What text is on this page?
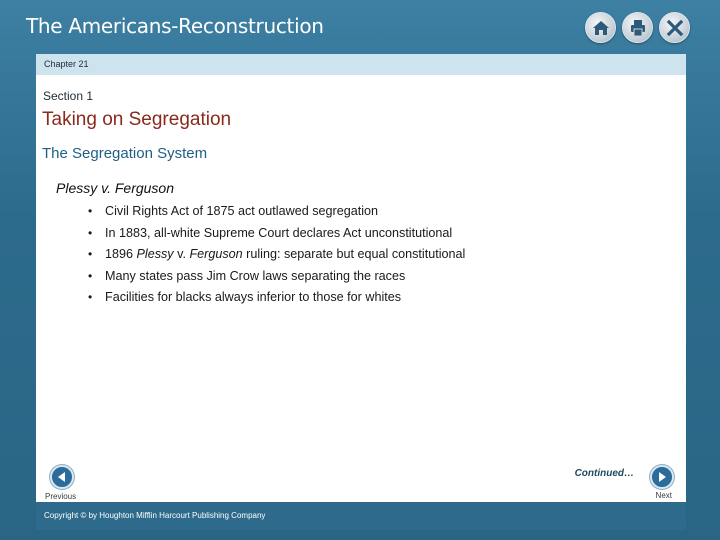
The Americans-Reconstruction
Chapter 21
Section 1
Taking on Segregation
The Segregation System
Plessy v. Ferguson
• Civil Rights Act of 1875 act outlawed segregation
• In 1883, all-white Supreme Court declares Act unconstitutional
• 1896 Plessy v. Ferguson ruling: separate but equal constitutional
• Many states pass Jim Crow laws separating the races
• Facilities for blacks always inferior to those for whites
Continued…
Previous	Next
Copyright © by Houghton Mifflin Harcourt Publishing Company
